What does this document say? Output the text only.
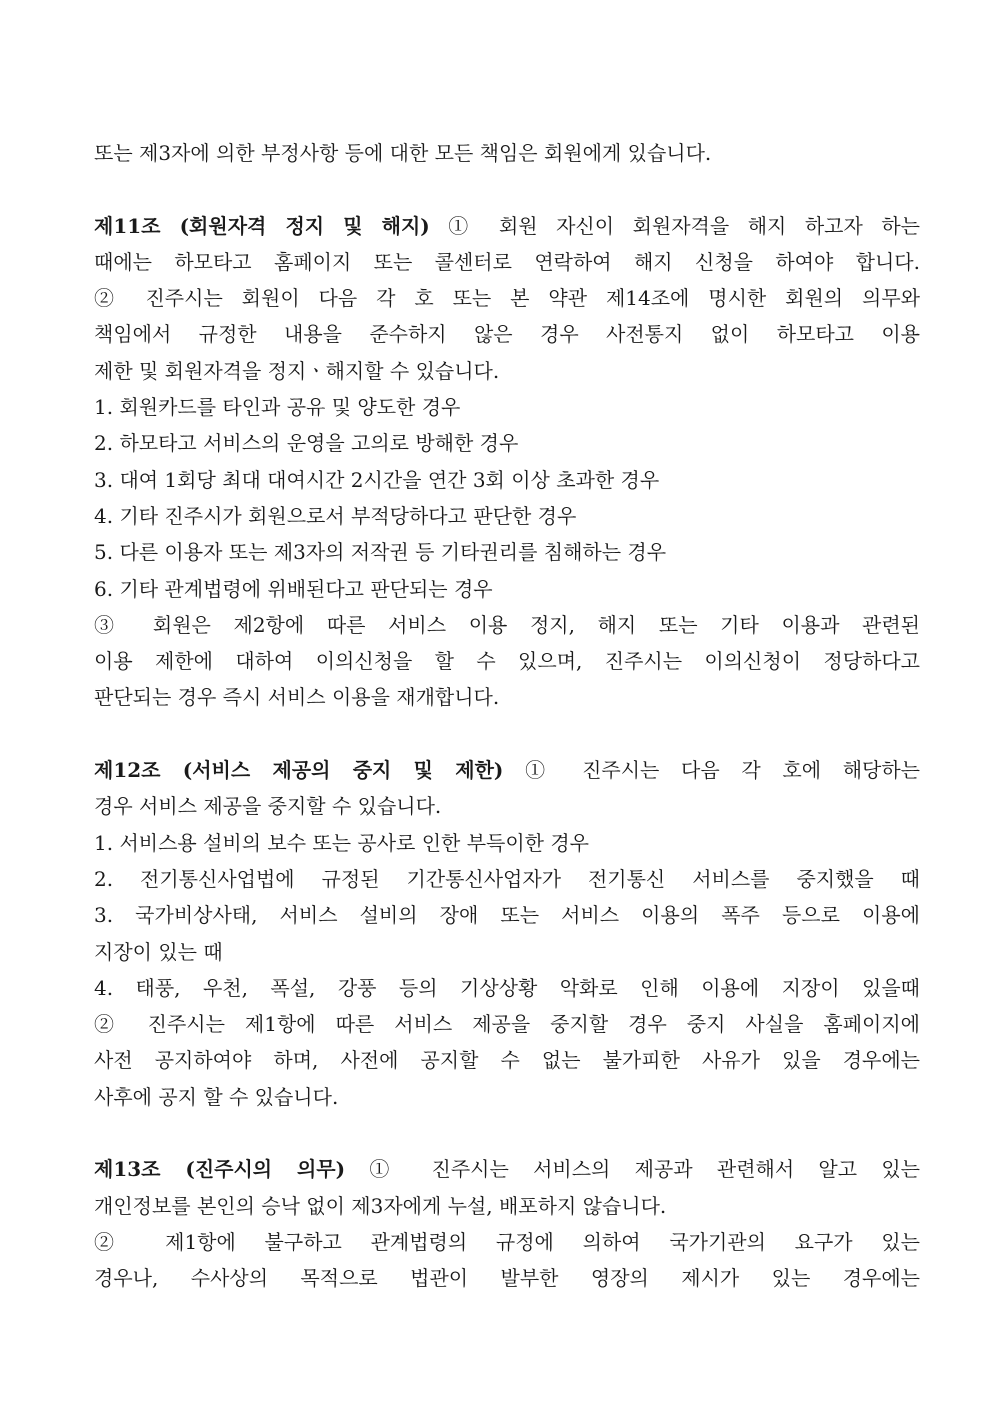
또는 제3자에 의한 부정사항 등에 대한 모든 책임은 회원에게 있습니다.
제11조 (회원자격 정지 및 해지) ① 회원 자신이 회원자격을 해지 하고자 하는
때에는 하모타고 홈페이지 또는 콜센터로 연락하여 해지 신청을 하여야 합니다.
② 진주시는 회원이 다음 각 호 또는 본 약관 제14조에 명시한 회원의 의무와
책임에서 규정한 내용을 준수하지 않은 경우 사전통지 없이 하모타고 이용
제한 및 회원자격을 정지ㆍ해지할 수 있습니다.
1. 회원카드를 타인과 공유 및 양도한 경우
2. 하모타고 서비스의 운영을 고의로 방해한 경우
3. 대여 1회당 최대 대여시간 2시간을 연간 3회 이상 초과한 경우
4. 기타 진주시가 회원으로서 부적당하다고 판단한 경우
5. 다른 이용자 또는 제3자의 저작권 등 기타권리를 침해하는 경우
6. 기타 관계법령에 위배된다고 판단되는 경우
③ 회원은 제2항에 따른 서비스 이용 정지, 해지 또는 기타 이용과 관련된
이용 제한에 대하여 이의신청을 할 수 있으며, 진주시는 이의신청이 정당하다고
판단되는 경우 즉시 서비스 이용을 재개합니다.
제12조 (서비스 제공의 중지 및 제한) ① 진주시는 다음 각 호에 해당하는
경우 서비스 제공을 중지할 수 있습니다.
1. 서비스용 설비의 보수 또는 공사로 인한 부득이한 경우
2. 전기통신사업법에 규정된 기간통신사업자가 전기통신 서비스를 중지했을 때
3. 국가비상사태, 서비스 설비의 장애 또는 서비스 이용의 폭주 등으로 이용에
지장이 있는 때
4. 태풍, 우천, 폭설, 강풍 등의 기상상황 악화로 인해 이용에 지장이 있을때
② 진주시는 제1항에 따른 서비스 제공을 중지할 경우 중지 사실을 홈페이지에
사전 공지하여야 하며, 사전에 공지할 수 없는 불가피한 사유가 있을 경우에는
사후에 공지 할 수 있습니다.
제13조 (진주시의 의무) ① 진주시는 서비스의 제공과 관련해서 알고 있는
개인정보를 본인의 승낙 없이 제3자에게 누설, 배포하지 않습니다.
② 제1항에 불구하고 관계법령의 규정에 의하여 국가기관의 요구가 있는
경우나, 수사상의 목적으로 법관이 발부한 영장의 제시가 있는 경우에는
